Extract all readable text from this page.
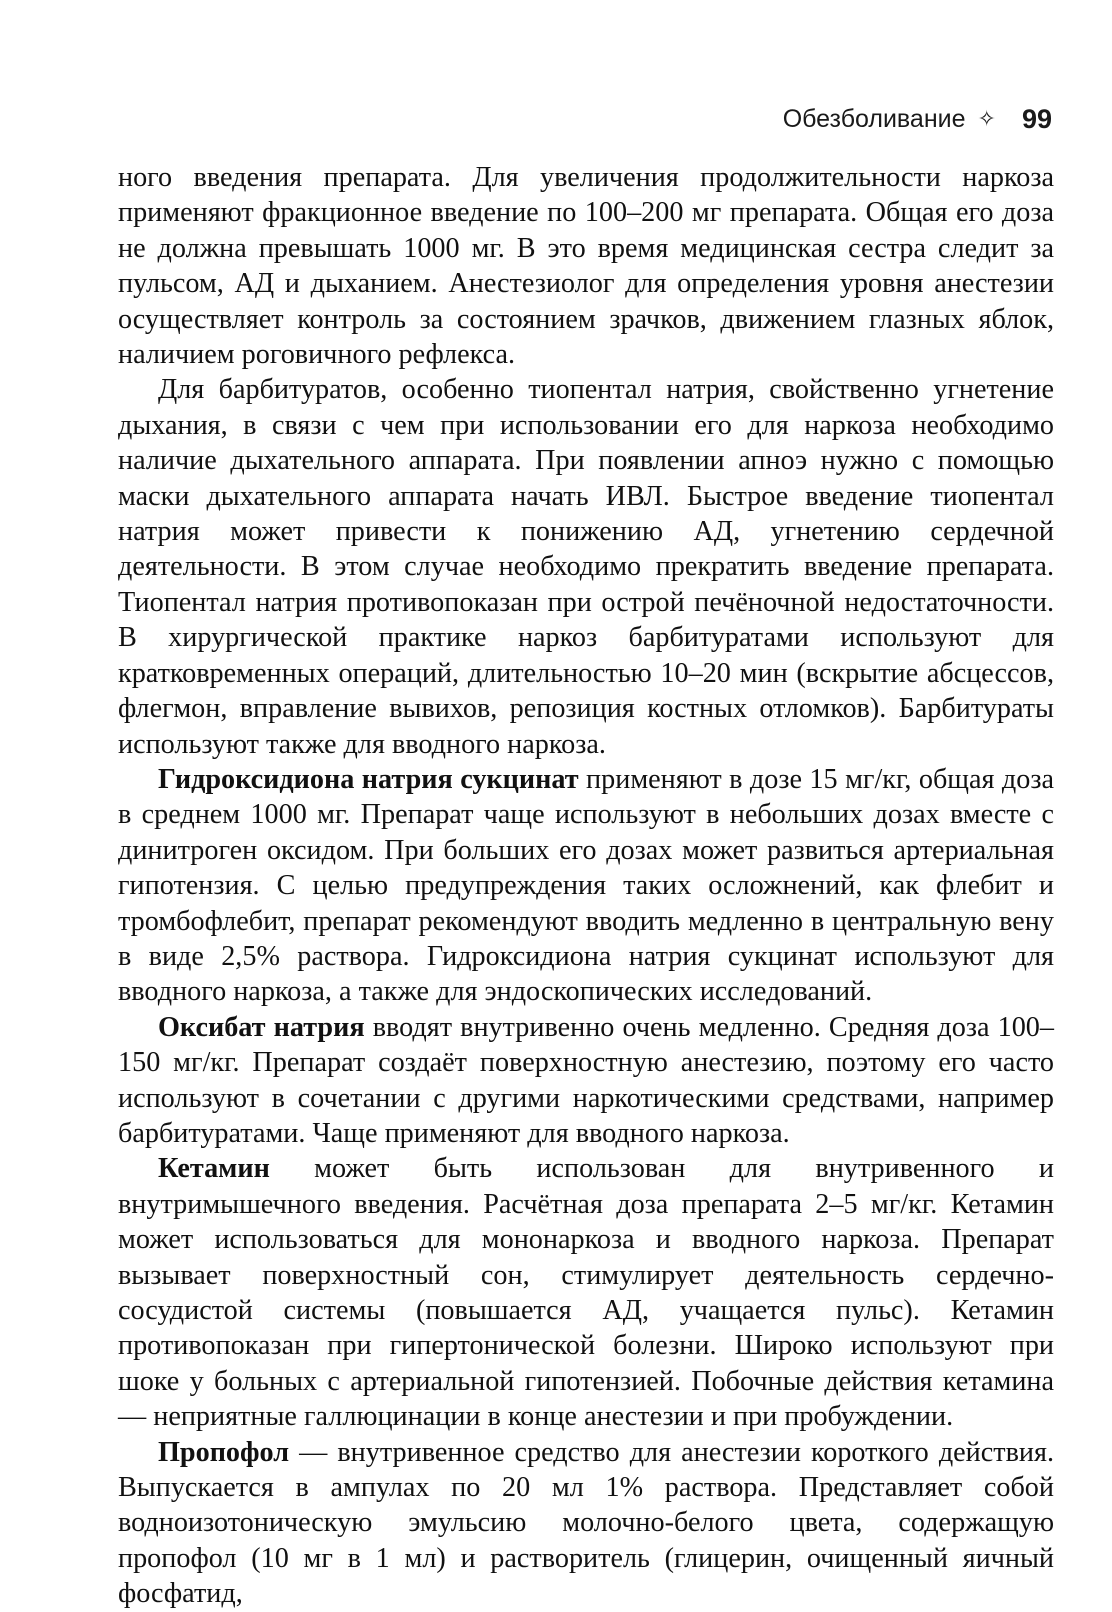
Обезболивание ✧ 99

ного введения препарата. Для увеличения продолжительности наркоза применяют фракционное введение по 100–200 мг препарата. Общая его доза не должна превышать 1000 мг. В это время медицинская сестра следит за пульсом, АД и дыханием. Анестезиолог для определения уровня анестезии осуществляет контроль за состоянием зрачков, движением глазных яблок, наличием роговичного рефлекса.

Для барбитуратов, особенно тиопентал натрия, свойственно угнетение дыхания, в связи с чем при использовании его для наркоза необходимо наличие дыхательного аппарата. При появлении апноэ нужно с помощью маски дыхательного аппарата начать ИВЛ. Быстрое введение тиопентал натрия может привести к понижению АД, угнетению сердечной деятельности. В этом случае необходимо прекратить введение препарата. Тиопентал натрия противопоказан при острой печёночной недостаточности. В хирургической практике наркоз барбитуратами используют для кратковременных операций, длительностью 10–20 мин (вскрытие абсцессов, флегмон, вправление вывихов, репозиция костных отломков). Барбитураты используют также для вводного наркоза.

Гидроксидиона натрия сукцинат применяют в дозе 15 мг/кг, общая доза в среднем 1000 мг. Препарат чаще используют в небольших дозах вместе с динитроген оксидом. При больших его дозах может развиться артериальная гипотензия. С целью предупреждения таких осложнений, как флебит и тромбофлебит, препарат рекомендуют вводить медленно в центральную вену в виде 2,5% раствора. Гидроксидиона натрия сукцинат используют для вводного наркоза, а также для эндоскопических исследований.

Оксибат натрия вводят внутривенно очень медленно. Средняя доза 100–150 мг/кг. Препарат создаёт поверхностную анестезию, поэтому его часто используют в сочетании с другими наркотическими средствами, например барбитуратами. Чаще применяют для вводного наркоза.

Кетамин может быть использован для внутривенного и внутримышечного введения. Расчётная доза препарата 2–5 мг/кг. Кетамин может использоваться для мононаркоза и вводного наркоза. Препарат вызывает поверхностный сон, стимулирует деятельность сердечно-сосудистой системы (повышается АД, учащается пульс). Кетамин противопоказан при гипертонической болезни. Широко используют при шоке у больных с артериальной гипотензией. Побочные действия кетамина — неприятные галлюцинации в конце анестезии и при пробуждении.

Пропофол — внутривенное средство для анестезии короткого действия. Выпускается в ампулах по 20 мл 1% раствора. Представляет собой водноизотоническую эмульсию молочно-белого цвета, содержащую пропофол (10 мг в 1 мл) и растворитель (глицерин, очищенный яичный фосфатид,
